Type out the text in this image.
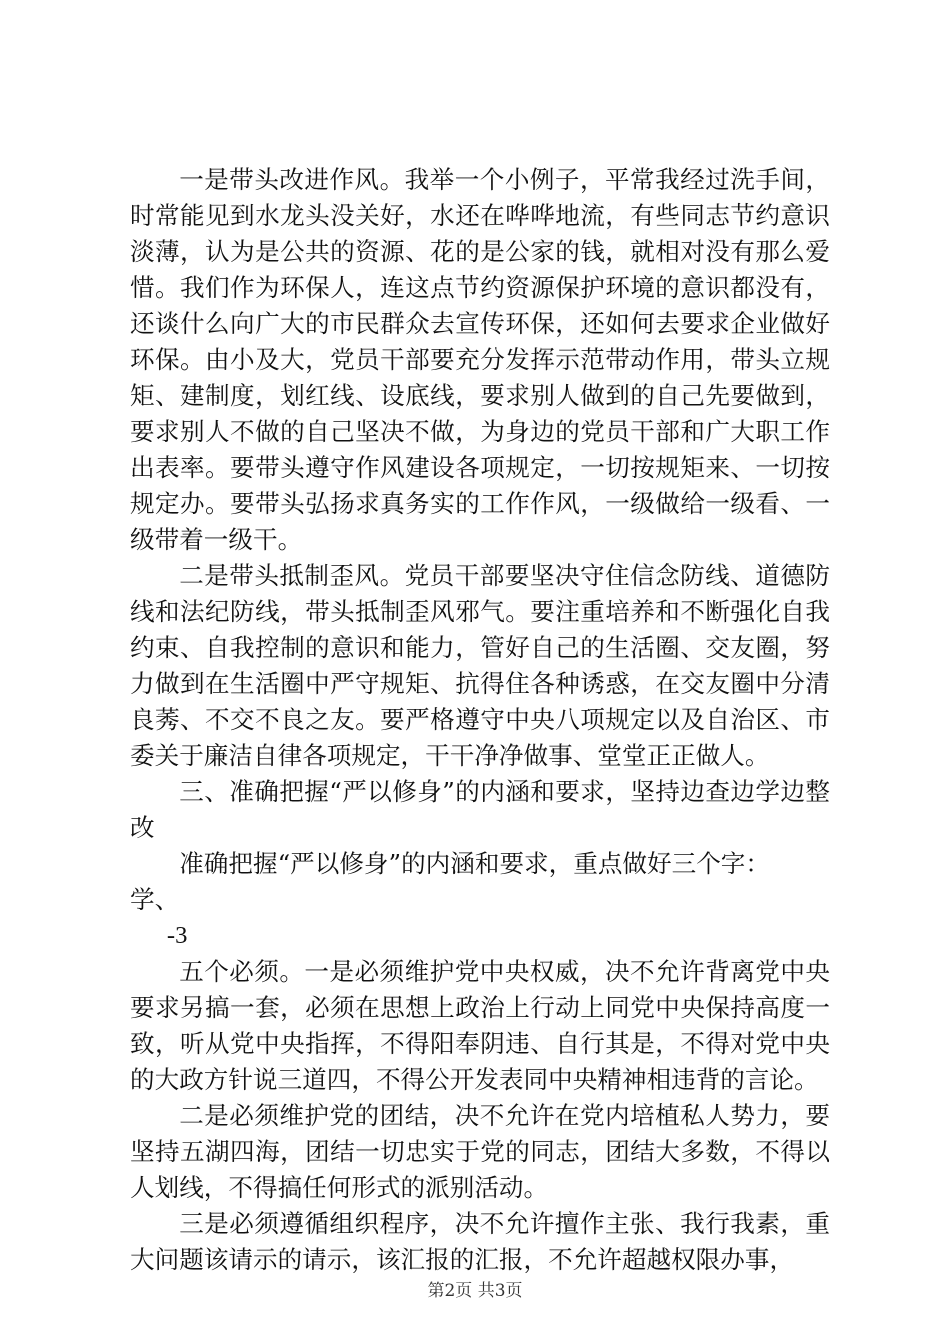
一是带头改进作风。我举一个小例子，平常我经过洗手间，时常能见到水龙头没关好，水还在哗哗地流，有些同志节约意识淡薄，认为是公共的资源、花的是公家的钱，就相对没有那么爱惜。我们作为环保人，连这点节约资源保护环境的意识都没有，还谈什么向广大的市民群众去宣传环保，还如何去要求企业做好环保。由小及大，党员干部要充分发挥示范带动作用，带头立规矩、建制度，划红线、设底线，要求别人做到的自己先要做到，要求别人不做的自己坚决不做，为身边的党员干部和广大职工作出表率。要带头遵守作风建设各项规定，一切按规矩来、一切按规定办。要带头弘扬求真务实的工作作风，一级做给一级看、一级带着一级干。

二是带头抵制歪风。党员干部要坚决守住信念防线、道德防线和法纪防线，带头抵制歪风邪气。要注重培养和不断强化自我约束、自我控制的意识和能力，管好自己的生活圈、交友圈，努力做到在生活圈中严守规矩、抗得住各种诱惑，在交友圈中分清良莠、不交不良之友。要严格遵守中央八项规定以及自治区、市委关于廉洁自律各项规定，干干净净做事、堂堂正正做人。

三、准确把握“严以修身”的内涵和要求，坚持边查边学边整改

准确把握“严以修身”的内涵和要求，重点做好三个字：

学、

-3

五个必须。一是必须维护党中央权威，决不允许背离党中央要求另搞一套，必须在思想上政治上行动上同党中央保持高度一致，听从党中央指挥，不得阳奉阴违、自行其是，不得对党中央的大政方针说三道四，不得公开发表同中央精神相违背的言论。

二是必须维护党的团结，决不允许在党内培植私人势力，要坚持五湖四海，团结一切忠实于党的同志，团结大多数，不得以人划线，不得搞任何形式的派别活动。

三是必须遵循组织程序，决不允许擅作主张、我行我素，重大问题该请示的请示，该汇报的汇报，不允许超越权限办事，

第2页 共3页
